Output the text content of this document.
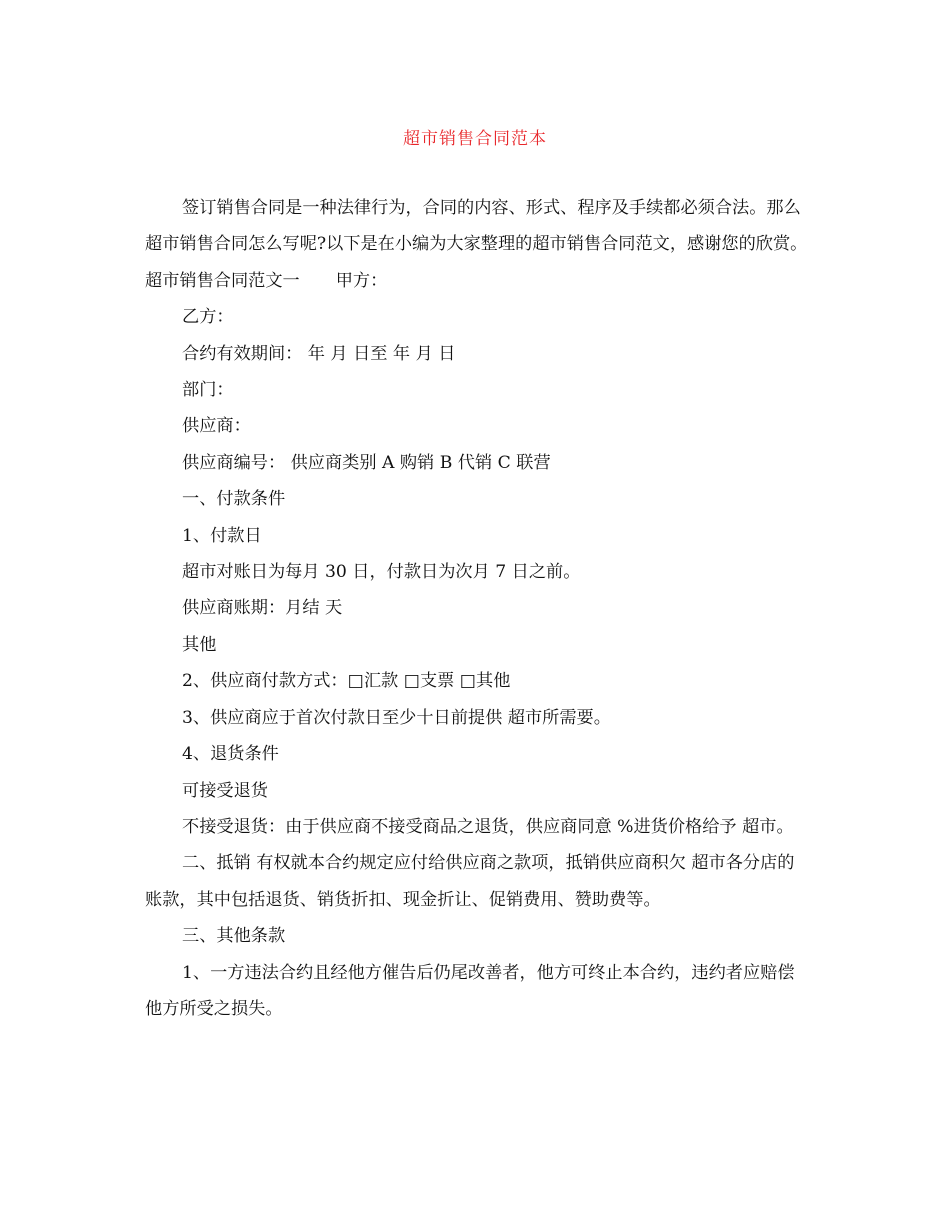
超市销售合同范本

签订销售合同是一种法律行为，合同的内容、形式、程序及手续都必须合法。那么超市销售合同怎么写呢?以下是在小编为大家整理的超市销售合同范文，感谢您的欣赏。

超市销售合同范文一 甲方：

乙方：

合约有效期间： 年 月 日至 年 月 日

部门：

供应商：

供应商编号： 供应商类别 A 购销 B 代销 C 联营

一、付款条件

1、付款日

超市对账日为每月 30 日，付款日为次月 7 日之前。

供应商账期：月结 天

其他

2、供应商付款方式：□汇款 □支票 □其他

3、供应商应于首次付款日至少十日前提供 超市所需要。

4、退货条件

可接受退货

不接受退货：由于供应商不接受商品之退货，供应商同意 %进货价格给予 超市。

二、抵销 有权就本合约规定应付给供应商之款项，抵销供应商积欠 超市各分店的账款，其中包括退货、销货折扣、现金折让、促销费用、赞助费等。

三、其他条款

1、一方违法合约且经他方催告后仍尾改善者，他方可终止本合约，违约者应赔偿他方所受之损失。
